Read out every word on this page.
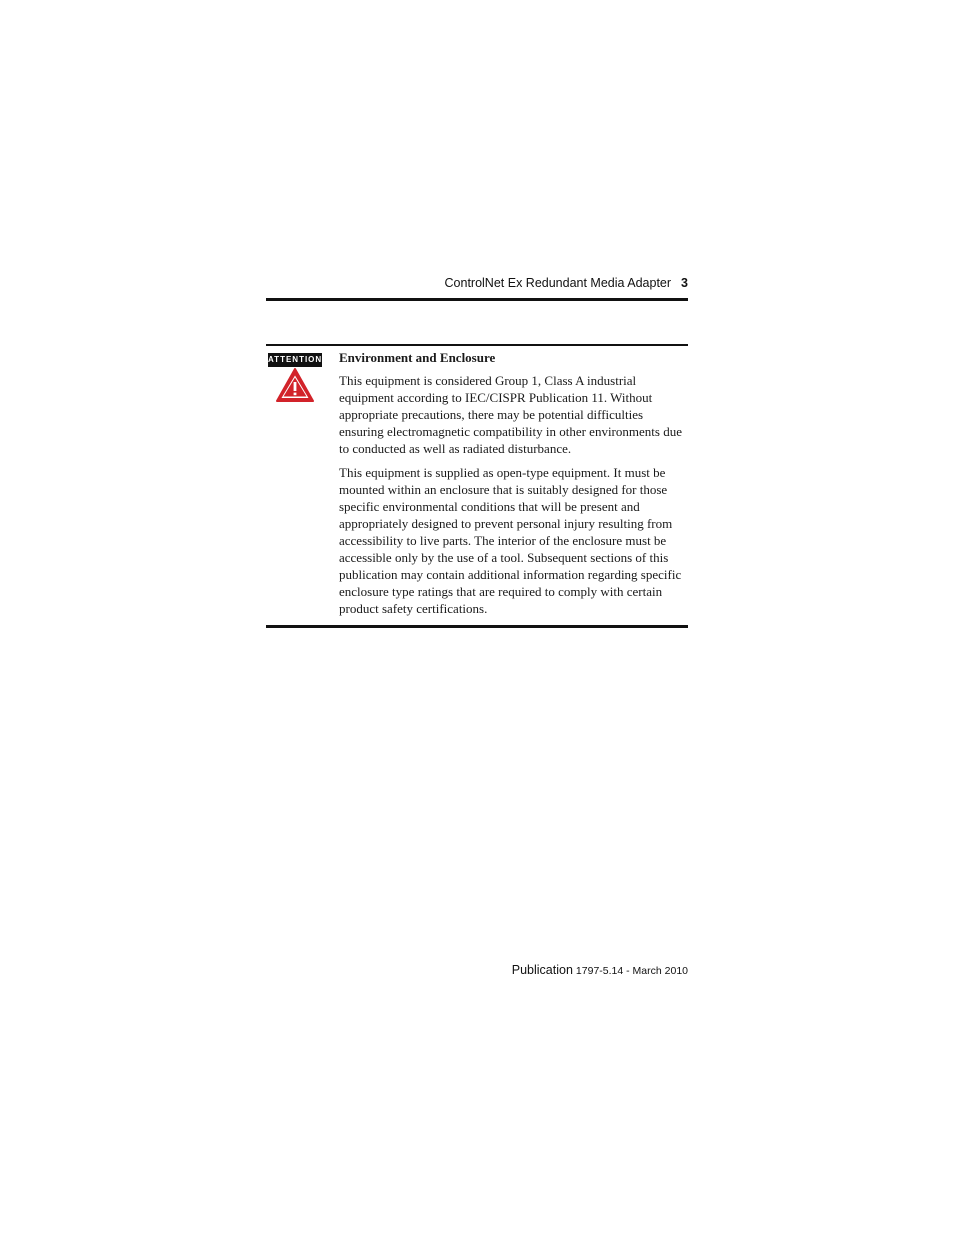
ControlNet Ex Redundant Media Adapter 3
ATTENTION Environment and Enclosure

This equipment is considered Group 1, Class A industrial equipment according to IEC/CISPR Publication 11. Without appropriate precautions, there may be potential difficulties ensuring electromagnetic compatibility in other environments due to conducted as well as radiated disturbance.

This equipment is supplied as open-type equipment. It must be mounted within an enclosure that is suitably designed for those specific environmental conditions that will be present and appropriately designed to prevent personal injury resulting from accessibility to live parts. The interior of the enclosure must be accessible only by the use of a tool. Subsequent sections of this publication may contain additional information regarding specific enclosure type ratings that are required to comply with certain product safety certifications.

Publication 1797-5.14 - March 2010
